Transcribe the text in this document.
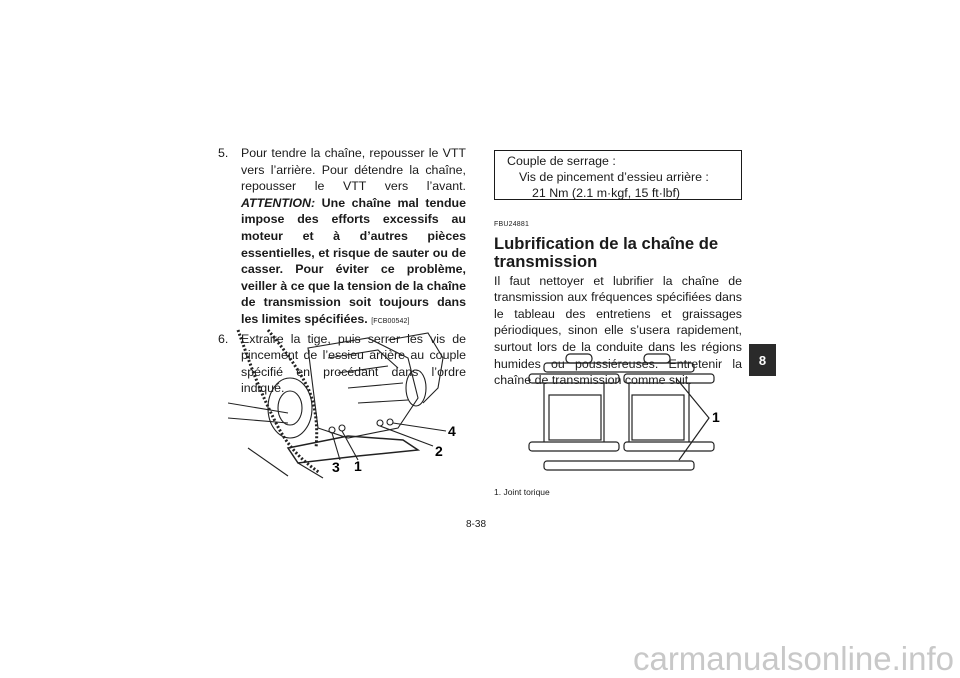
5. Pour tendre la chaîne, repousser le VTT vers l’arrière. Pour détendre la chaîne, repousser le VTT vers l’avant. ATTENTION: Une chaîne mal tendue impose des efforts excessifs au moteur et à d’autres pièces essentielles, et risque de sauter ou de casser. Pour éviter ce problème, veiller à ce que la tension de la chaîne de transmission soit toujours dans les limites spécifiées. [FCB00542]
6. Extraire la tige, puis serrer les vis de pincement de l’essieu arrière au couple spécifié en procédant dans l’ordre indiqué.
4
2
3 1
Couple de serrage :
Vis de pincement d’essieu arrière :
21 Nm (2.1 m·kgf, 15 ft·lbf)
FBU24881
Lubrification de la chaîne de transmission

Il faut nettoyer et lubrifier la chaîne de transmission aux fréquences spécifiées dans le tableau des entretiens et graissages périodiques, sinon elle s’usera rapidement, surtout lors de la conduite dans les régions humides ou poussiéreuses. Entretenir la chaîne de transmission comme suit.

1
1. Joint torique
8
8-38
carmanualsonline.info
